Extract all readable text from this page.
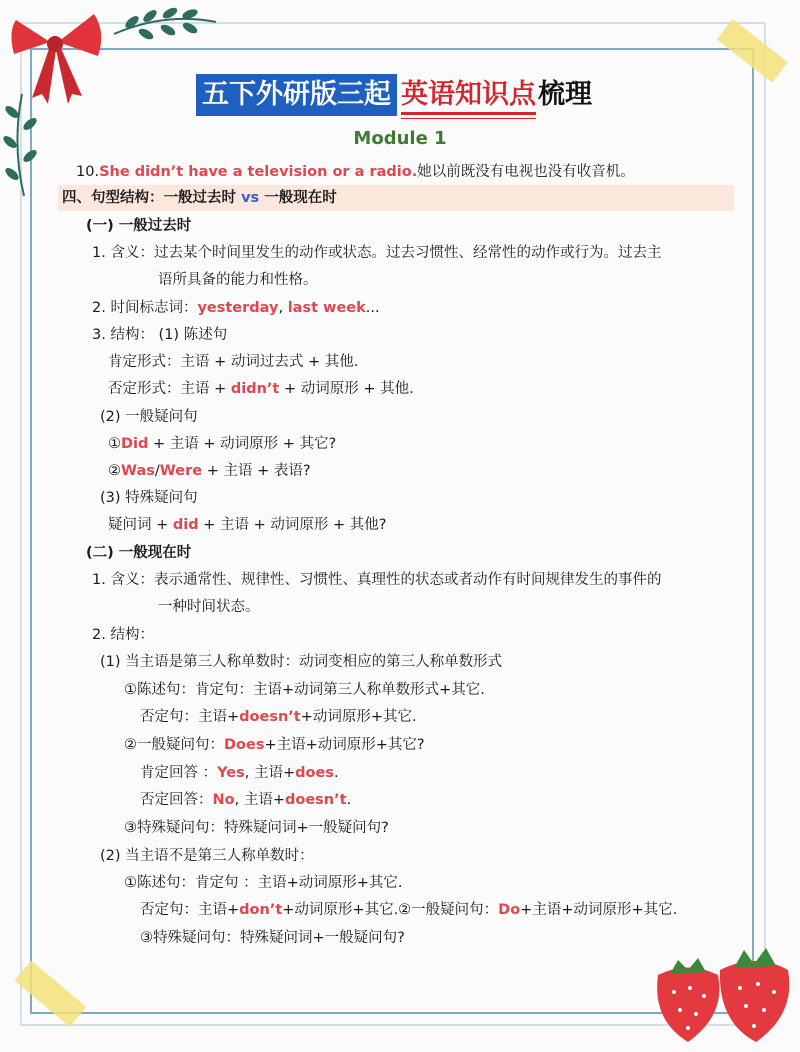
五下外研版三起 英语知识点 梳理
Module 1
10.She didn’t have a television or a radio.她以前既没有电视也没有收音机。
四、句型结构：一般过去时 vs 一般现在时
(一) 一般过去时
1. 含义：过去某个时间里发生的动作或状态。过去习惯性、经常性的动作或行为。过去主
语所具备的能力和性格。
2. 时间标志词：yesterday, last week...
3. 结构： (1) 陈述句
肯定形式：主语 + 动词过去式 + 其他.
否定形式：主语 + didn’t + 动词原形 + 其他.
(2) 一般疑问句
①Did + 主语 + 动词原形 + 其它?
②Was/Were + 主语 + 表语?
(3) 特殊疑问句
疑问词 + did + 主语 + 动词原形 + 其他?
(二) 一般现在时
1. 含义：表示通常性、规律性、习惯性、真理性的状态或者动作有时间规律发生的事件的
一种时间状态。
2. 结构：
(1) 当主语是第三人称单数时：动词变相应的第三人称单数形式
①陈述句：肯定句：主语+动词第三人称单数形式+其它.
否定句：主语+doesn’t+动词原形+其它.
②一般疑问句：Does+主语+动词原形+其它?
肯定回答 ：Yes, 主语+does.
否定回答：No, 主语+doesn’t.
③特殊疑问句：特殊疑问词+一般疑问句?
(2) 当主语不是第三人称单数时：
①陈述句：肯定句 ：主语+动词原形+其它.
否定句：主语+don’t+动词原形+其它.②一般疑问句：Do+主语+动词原形+其它.
③特殊疑问句：特殊疑问词+一般疑问句?
